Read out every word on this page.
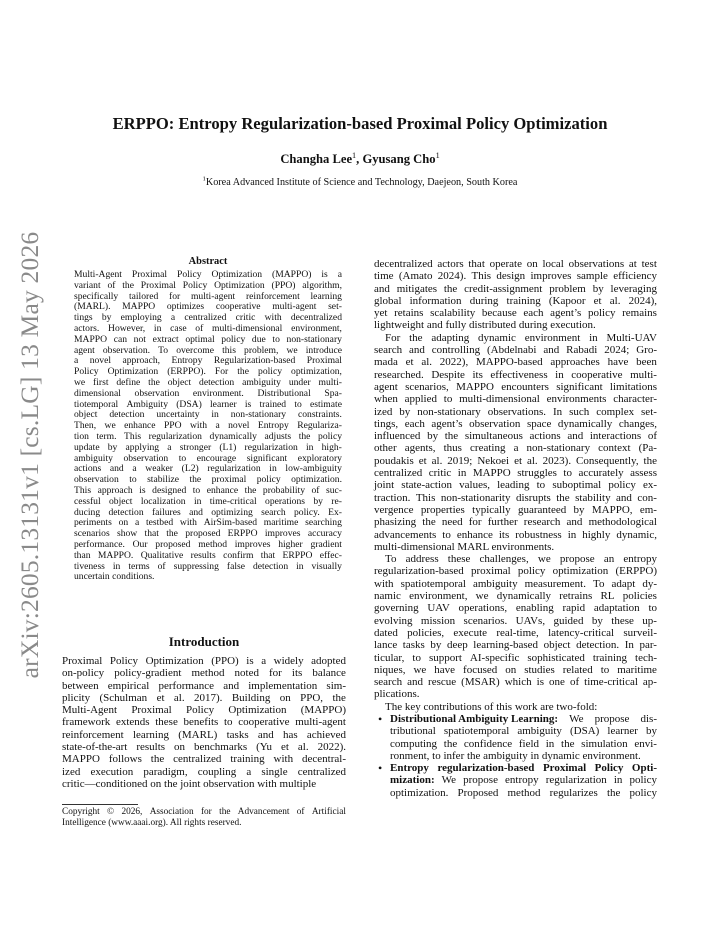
arXiv:2605.13131v1 [cs.LG] 13 May 2026
ERPPO: Entropy Regularization-based Proximal Policy Optimization
Changha Lee$^1$, Gyusang Cho$^1$
$^1$Korea Advanced Institute of Science and Technology, Daejeon, South Korea
Abstract
Multi-Agent Proximal Policy Optimization (MAPPO) is a
variant of the Proximal Policy Optimization (PPO) algorithm,
specifically tailored for multi-agent reinforcement learning
(MARL). MAPPO optimizes cooperative multi-agent set-
tings by employing a centralized critic with decentralized
actors. However, in case of multi-dimensional environment,
MAPPO can not extract optimal policy due to non-stationary
agent observation. To overcome this problem, we introduce
a novel approach, Entropy Regularization-based Proximal
Policy Optimization (ERPPO). For the policy optimization,
we first define the object detection ambiguity under multi-
dimensional observation environment. Distributional Spa-
tiotemporal Ambiguity (DSA) learner is trained to estimate
object detection uncertainty in non-stationary constraints.
Then, we enhance PPO with a novel Entropy Regulariza-
tion term. This regularization dynamically adjusts the policy
update by applying a stronger (L1) regularization in high-
ambiguity observation to encourage significant exploratory
actions and a weaker (L2) regularization in low-ambiguity
observation to stabilize the proximal policy optimization.
This approach is designed to enhance the probability of suc-
cessful object localization in time-critical operations by re-
ducing detection failures and optimizing search policy. Ex-
periments on a testbed with AirSim-based maritime searching
scenarios show that the proposed ERPPO improves accuracy
performance. Our proposed method improves higher gradient
than MAPPO. Qualitative results confirm that ERPPO effec-
tiveness in terms of suppressing false detection in visually
uncertain conditions.
Introduction
Proximal Policy Optimization (PPO) is a widely adopted
on-policy policy-gradient method noted for its balance
between empirical performance and implementation sim-
plicity (Schulman et al. 2017). Building on PPO, the
Multi-Agent Proximal Policy Optimization (MAPPO)
framework extends these benefits to cooperative multi-agent
reinforcement learning (MARL) tasks and has achieved
state-of-the-art results on benchmarks (Yu et al. 2022).
MAPPO follows the centralized training with decentral-
ized execution paradigm, coupling a single centralized
critic—conditioned on the joint observation with multiple
Copyright © 2026, Association for the Advancement of Artificial
Intelligence (www.aaai.org). All rights reserved.
decentralized actors that operate on local observations at test
time (Amato 2024). This design improves sample efficiency
and mitigates the credit-assignment problem by leveraging
global information during training (Kapoor et al. 2024),
yet retains scalability because each agent’s policy remains
lightweight and fully distributed during execution.
For the adapting dynamic environment in Multi-UAV
search and controlling (Abdelnabi and Rabadi 2024; Gro-
mada et al. 2022), MAPPO-based approaches have been
researched. Despite its effectiveness in cooperative multi-
agent scenarios, MAPPO encounters significant limitations
when applied to multi-dimensional environments character-
ized by non-stationary observations. In such complex set-
tings, each agent’s observation space dynamically changes,
influenced by the simultaneous actions and interactions of
other agents, thus creating a non-stationary context (Pa-
poudakis et al. 2019; Nekoei et al. 2023). Consequently, the
centralized critic in MAPPO struggles to accurately assess
joint state-action values, leading to suboptimal policy ex-
traction. This non-stationarity disrupts the stability and con-
vergence properties typically guaranteed by MAPPO, em-
phasizing the need for further research and methodological
advancements to enhance its robustness in highly dynamic,
multi-dimensional MARL environments.
To address these challenges, we propose an entropy
regularization-based proximal policy optimization (ERPPO)
with spatiotemporal ambiguity measurement. To adapt dy-
namic environment, we dynamically retrains RL policies
governing UAV operations, enabling rapid adaptation to
evolving mission scenarios. UAVs, guided by these up-
dated policies, execute real-time, latency-critical surveil-
lance tasks by deep learning-based object detection. In par-
ticular, to support AI-specific sophisticated training tech-
niques, we have focused on studies related to maritime
search and rescue (MSAR) which is one of time-critical ap-
plications.
The key contributions of this work are two-fold:
• Distributional Ambiguity Learning: We propose dis-
tributional spatiotemporal ambiguity (DSA) learner by
computing the confidence field in the simulation envi-
ronment, to infer the ambiguity in dynamic environment.
• Entropy regularization-based Proximal Policy Opti-
mization: We propose entropy regularization in policy
optimization. Proposed method regularizes the policy
